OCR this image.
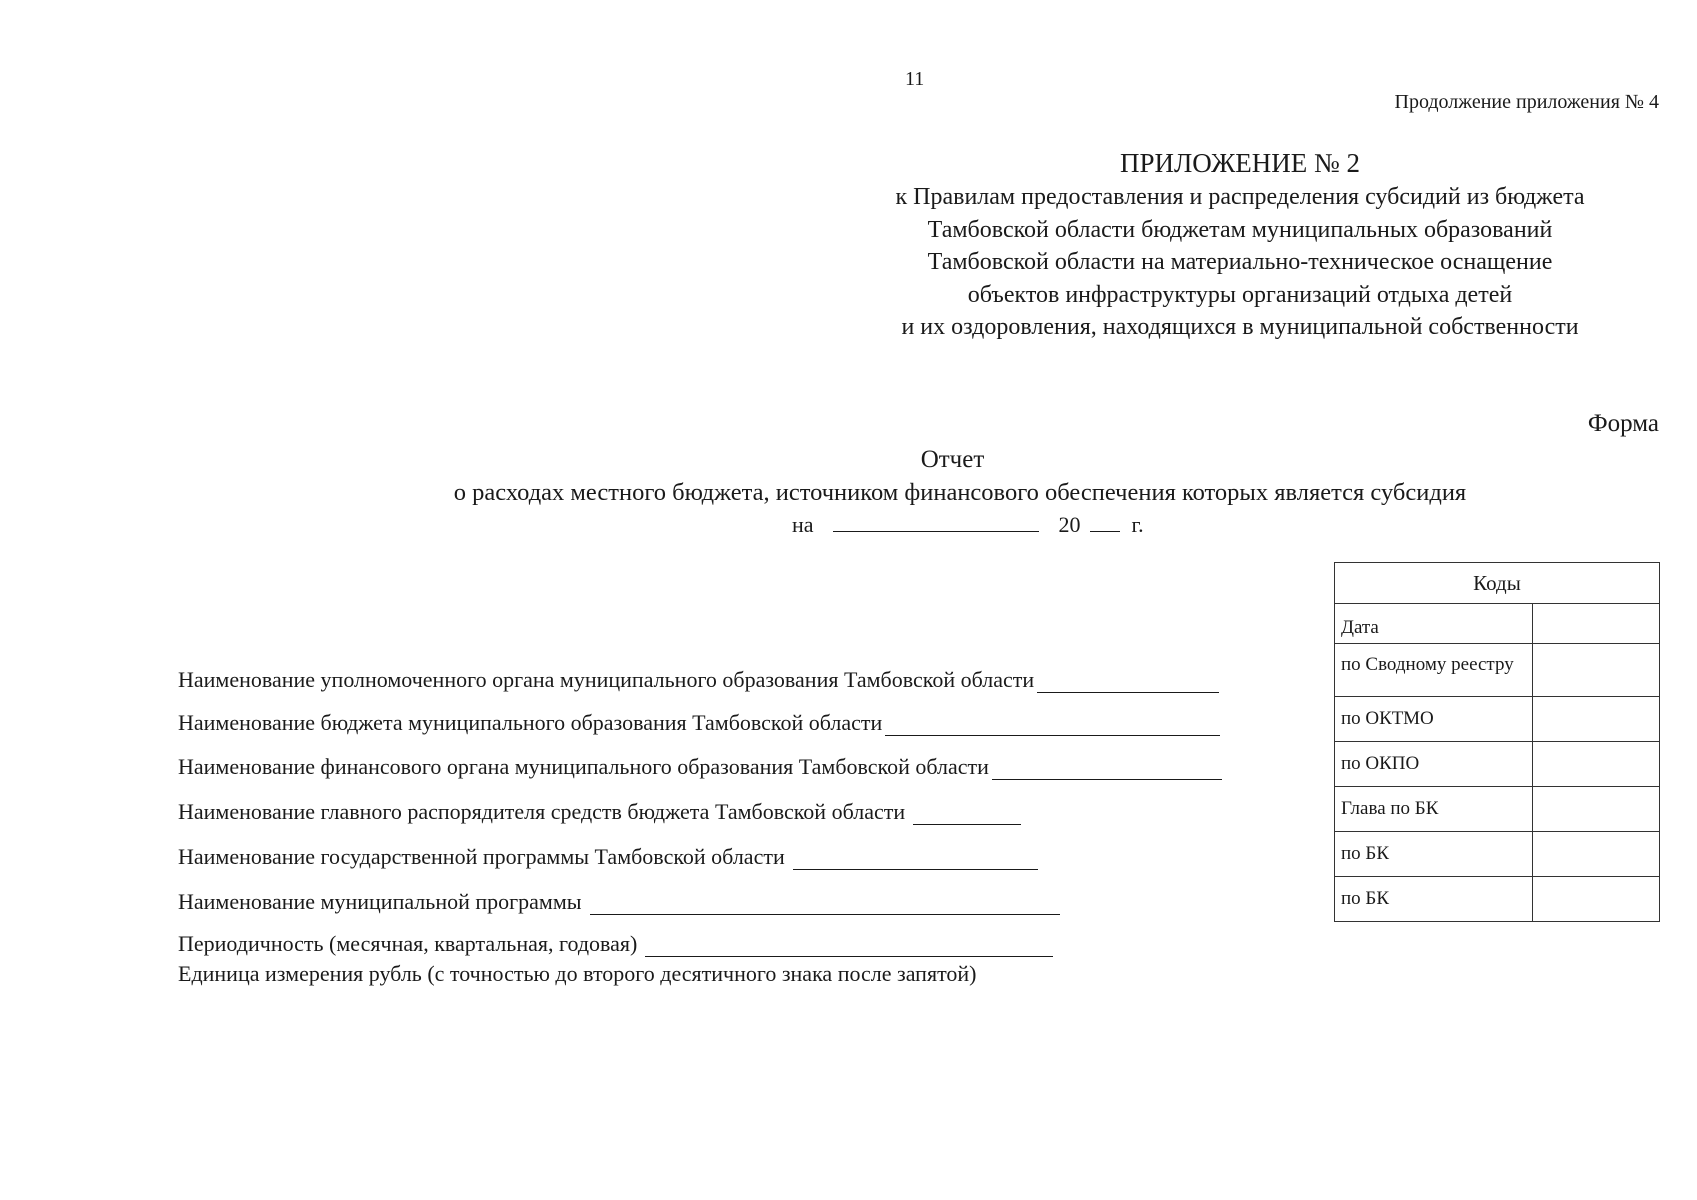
11
Продолжение приложения № 4
ПРИЛОЖЕНИЕ № 2
к Правилам предоставления и распределения субсидий из бюджета
Тамбовской области бюджетам муниципальных образований
Тамбовской области на материально-техническое оснащение
объектов инфраструктуры организаций отдыха детей
и их оздоровления, находящихся в муниципальной собственности
Форма
Отчет
о расходах местного бюджета, источником финансового обеспечения которых является субсидия
на	20 г.
Наименование уполномоченного органа муниципального образования Тамбовской области
Наименование бюджета муниципального образования Тамбовской области
Наименование финансового органа муниципального образования Тамбовской области
Наименование главного распорядителя средств бюджета Тамбовской области
Наименование государственной программы Тамбовской области
Наименование муниципальной программы
Периодичность (месячная, квартальная, годовая)
Единица измерения рубль (с точностью до второго десятичного знака после запятой)
Коды	
Дата	
по Сводному реестру	
по ОКТМО	
по ОКПО	
Глава по БК	
по БК	
по БК	
